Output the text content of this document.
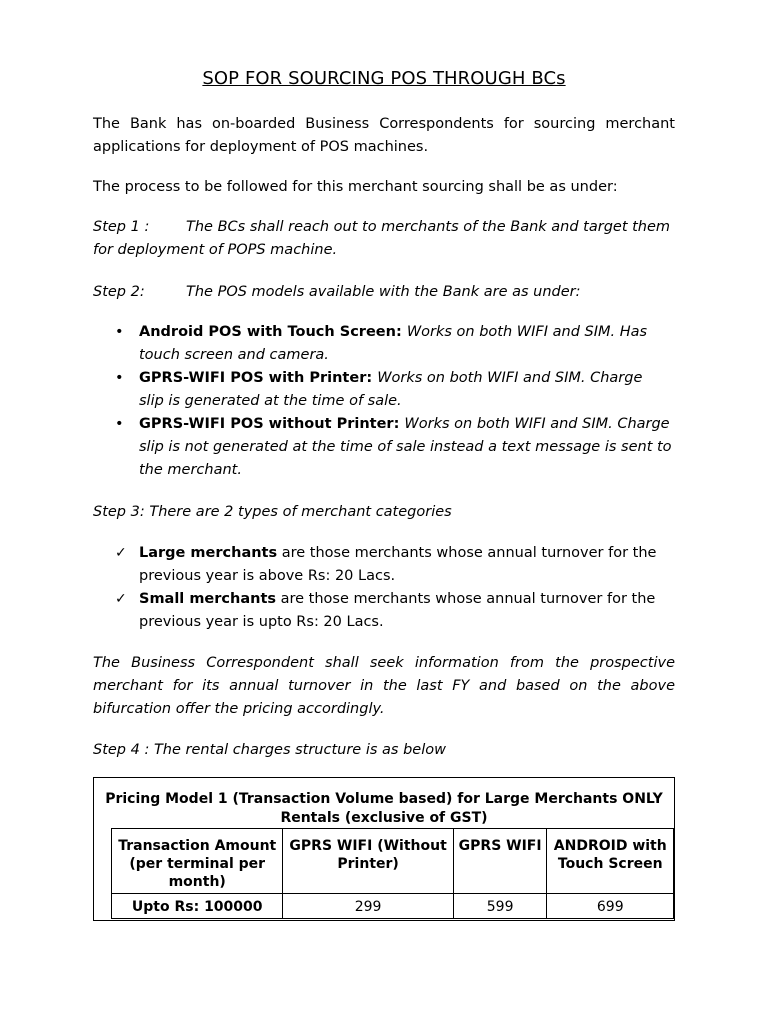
SOP FOR SOURCING POS THROUGH BCs
The Bank has on-boarded Business Correspondents for sourcing merchant applications for deployment of POS machines.
The process to be followed for this merchant sourcing shall be as under:
Step 1 :	The BCs shall reach out to merchants of the Bank and target them for deployment of POPS machine.
Step 2:	The POS models available with the Bank are as under:
• Android POS with Touch Screen: Works on both WIFI and SIM. Has touch screen and camera.
• GPRS-WIFI POS with Printer: Works on both WIFI and SIM. Charge slip is generated at the time of sale.
• GPRS-WIFI POS without Printer: Works on both WIFI and SIM. Charge slip is not generated at the time of sale instead a text message is sent to the merchant.
Step 3: There are 2 types of merchant categories
✓ Large merchants are those merchants whose annual turnover for the previous year is above Rs: 20 Lacs.
✓ Small merchants are those merchants whose annual turnover for the previous year is upto Rs: 20 Lacs.
The Business Correspondent shall seek information from the prospective merchant for its annual turnover in the last FY and based on the above bifurcation offer the pricing accordingly.
Step 4 : The rental charges structure is as below
Pricing Model 1 (Transaction Volume based) for Large Merchants ONLY
Rentals (exclusive of GST)
Transaction Amount (per terminal per month)	GPRS WIFI (Without Printer)	GPRS WIFI	ANDROID with Touch Screen
Upto Rs: 100000	299	599	699
